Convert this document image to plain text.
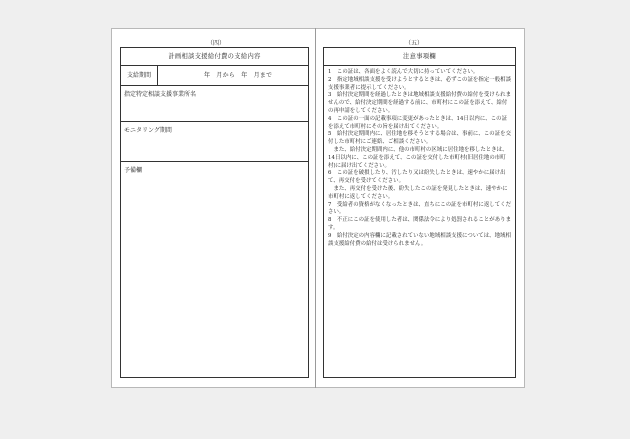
（四）	（五）
計画相談支援給付費の支給内容
支給期間	年　月から　年　月まで
指定特定相談支援事業所名
モニタリング期間
予備欄
注意事項欄

1　この証は、各面をよく読んで大切に持っていてください。

2　指定地域相談支援を受けようとするときは、必ずこの証を指定一般相談支援事業者に提示してください。

3　給付決定期間を経過したときは地域相談支援給付費の給付を受けられませんので、給付決定期間を経過する前に、市町村にこの証を添えて、給付の再申請をしてください。

4　この証の一面の記載事項に変更があったときは、14日以内に、この証を添えて市町村にその旨を届け出てください。

5　給付決定期間内に、居住地を移そうとする場合は、事前に、この証を交付した市町村にご連絡、ご相談ください。

　また、給付決定期間内に、他の市町村の区域に居住地を移したときは、14日以内に、この証を添えて、この証を交付した市町村(旧居住地の市町村)に届け出てください。

6　この証を破損したり、汚したり又は紛失したときは、速やかに届け出て、再交付を受けてください。

　また、再交付を受けた後、紛失したこの証を発見したときは、速やかに市町村に返してください。

7　受給者の資格がなくなったときは、直ちにこの証を市町村に返してください。

8　不正にこの証を使用した者は、関係法令により処罰されることがあります。

9　給付決定の内容欄に記載されていない地域相談支援については、地域相談支援給付費の給付は受けられません。
